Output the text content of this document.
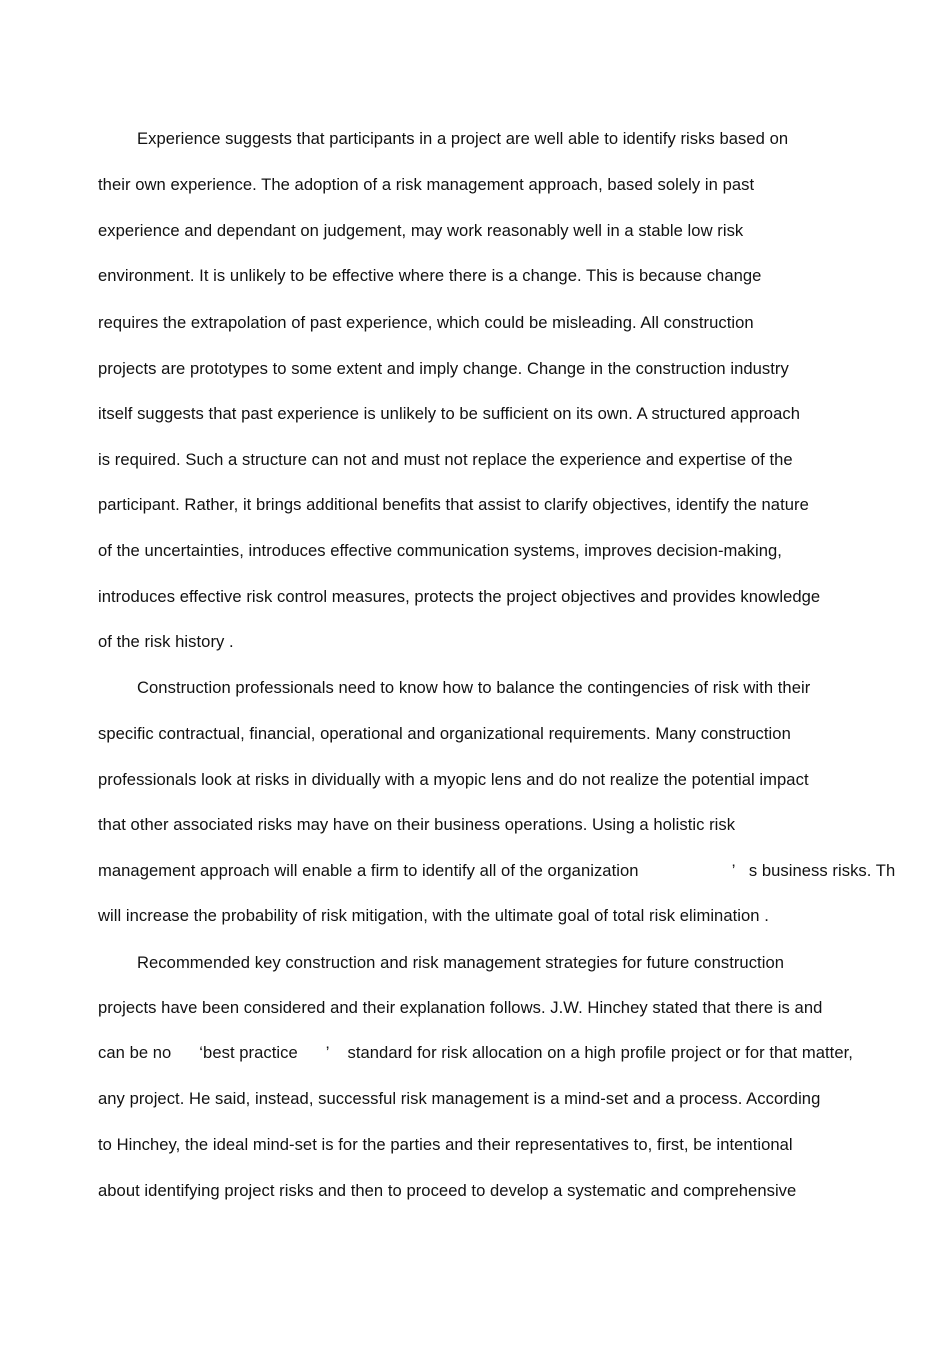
Experience suggests that participants in a project are well able to identify risks based on
their own experience. The adoption of a risk management approach, based solely in past
experience and dependant on judgement, may work reasonably well in a stable low risk
environment. It is unlikely to be effective where there is a change. This is because change
requires the extrapolation of past experience, which could be misleading. All construction
projects are prototypes to some extent and imply change. Change in the construction industry
itself suggests that past experience is unlikely to be sufficient on its own. A structured approach
is required. Such a structure can not and must not replace the experience and expertise of the
participant. Rather, it brings additional benefits that assist to clarify objectives, identify the nature
of the uncertainties, introduces effective communication systems, improves decision-making,
introduces effective risk control measures, protects the project objectives and provides knowledge
of the risk history .
Construction professionals need to know how to balance the contingencies of risk with their
specific contractual, financial, operational and organizational requirements. Many construction
professionals look at risks in dividually with a myopic lens and do not realize the potential impact
that other associated risks may have on their business operations. Using a holistic risk
management approach will enable a firm to identify all of the organization                    ’   s business risks. Th
will increase the probability of risk mitigation, with the ultimate goal of total risk elimination .
Recommended key construction and risk management strategies for future construction
projects have been considered and their explanation follows. J.W. Hinchey stated that there is and
can be no      ‘best practice      ’    standard for risk allocation on a high profile project or for that matter,
any project. He said, instead, successful risk management is a mind-set and a process. According
to Hinchey, the ideal mind-set is for the parties and their representatives to, first, be intentional
about identifying project risks and then to proceed to develop a systematic and comprehensive
